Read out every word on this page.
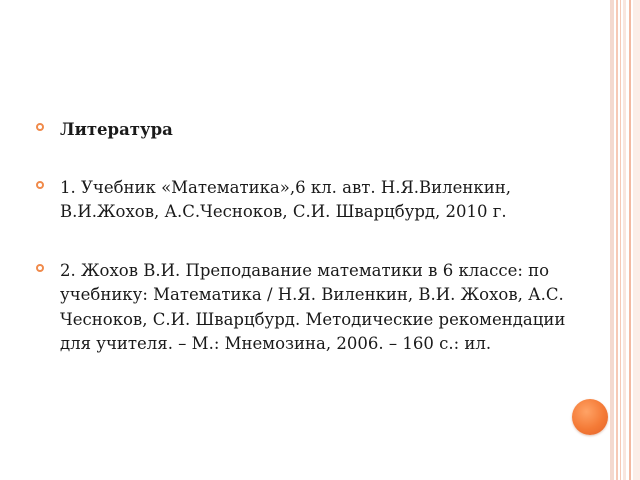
Литература
1. Учебник «Математика»,6 кл. авт. Н.Я.Виленкин, В.И.Жохов, А.С.Чесноков, С.И. Шварцбурд, 2010 г.
2. Жохов В.И. Преподавание математики в 6 классе: по учебнику: Математика / Н.Я. Виленкин, В.И. Жохов, А.С. Чесноков, С.И. Шварцбурд. Методические рекомендации для учителя. – М.: Мнемозина, 2006. – 160 с.: ил.
